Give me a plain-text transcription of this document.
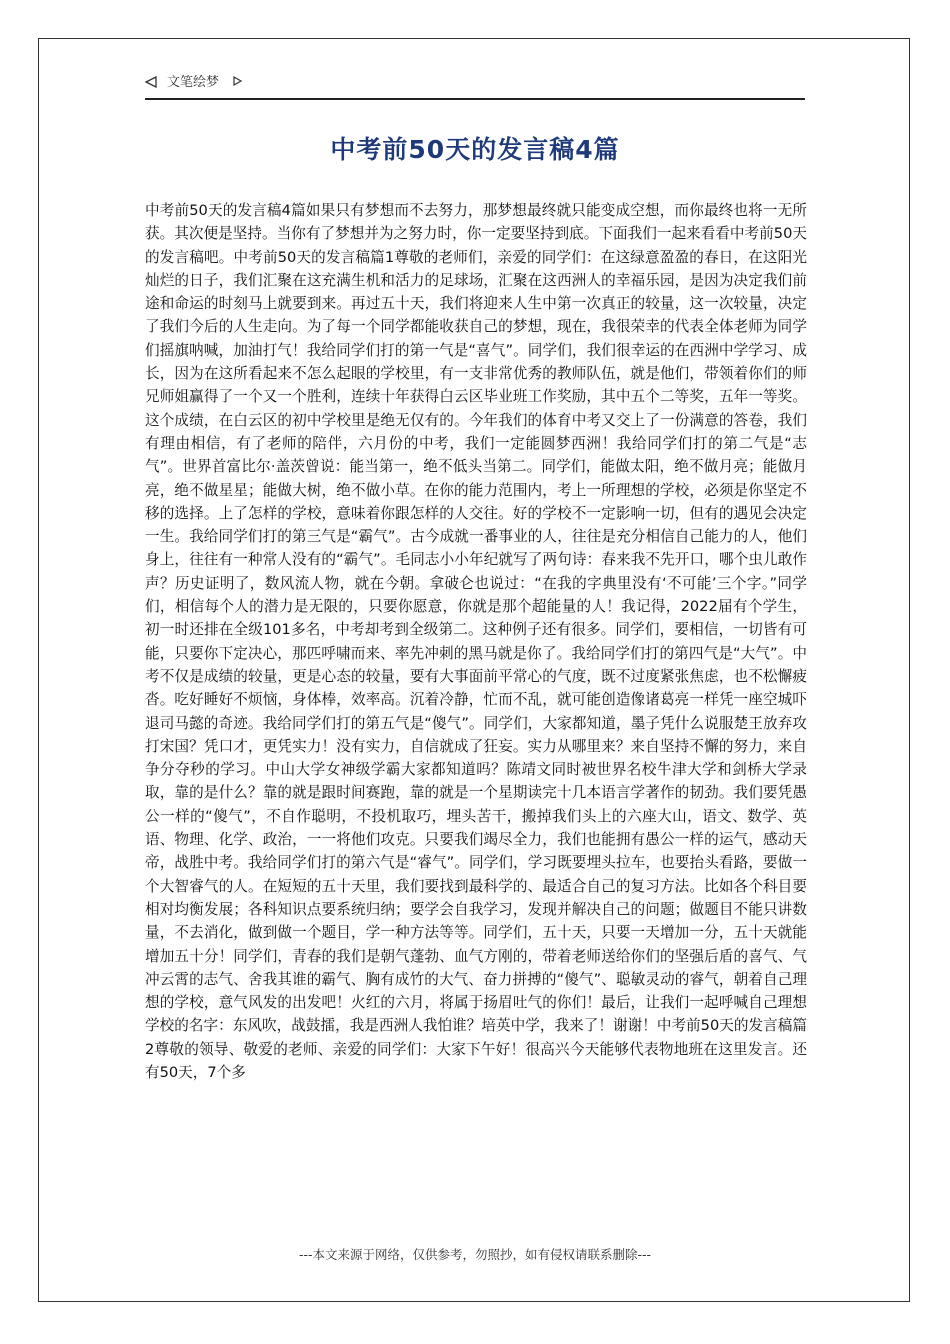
文笔绘梦
中考前50天的发言稿4篇

中考前50天的发言稿4篇如果只有梦想而不去努力，那梦想最终就只能变成空想，而你最终也将一无所获。其次便是坚持。当你有了梦想并为之努力时，你一定要坚持到底。下面我们一起来看看中考前50天的发言稿吧。中考前50天的发言稿篇1尊敬的老师们，亲爱的同学们：在这绿意盈盈的春日，在这阳光灿烂的日子，我们汇聚在这充满生机和活力的足球场，汇聚在这西洲人的幸福乐园，是因为决定我们前途和命运的时刻马上就要到来。再过五十天，我们将迎来人生中第一次真正的较量，这一次较量，决定了我们今后的人生走向。为了每一个同学都能收获自己的梦想，现在，我很荣幸的代表全体老师为同学们摇旗呐喊，加油打气！我给同学们打的第一气是“喜气”。同学们，我们很幸运的在西洲中学学习、成长，因为在这所看起来不怎么起眼的学校里，有一支非常优秀的教师队伍，就是他们，带领着你们的师兄师姐赢得了一个又一个胜利，连续十年获得白云区毕业班工作奖励，其中五个二等奖，五年一等奖。这个成绩，在白云区的初中学校里是绝无仅有的。今年我们的体育中考又交上了一份满意的答卷，我们有理由相信，有了老师的陪伴，六月份的中考，我们一定能圆梦西洲！我给同学们打的第二气是“志气”。世界首富比尔·盖茨曾说：能当第一，绝不低头当第二。同学们，能做太阳，绝不做月亮；能做月亮，绝不做星星；能做大树，绝不做小草。在你的能力范围内，考上一所理想的学校，必须是你坚定不移的选择。上了怎样的学校，意味着你跟怎样的人交往。好的学校不一定影响一切，但有的遇见会决定一生。我给同学们打的第三气是“霸气”。古今成就一番事业的人，往往是充分相信自己能力的人，他们身上，往往有一种常人没有的“霸气”。毛同志小小年纪就写了两句诗：春来我不先开口，哪个虫儿敢作声？历史证明了，数风流人物，就在今朝。拿破仑也说过：“在我的字典里没有‘不可能’三个字。”同学们，相信每个人的潜力是无限的，只要你愿意，你就是那个超能量的人！我记得，2022届有个学生，初一时还排在全级101多名，中考却考到全级第二。这种例子还有很多。同学们，要相信，一切皆有可能，只要你下定决心，那匹呼啸而来、率先冲刺的黑马就是你了。我给同学们打的第四气是“大气”。中考不仅是成绩的较量，更是心态的较量，要有大事面前平常心的气度，既不过度紧张焦虑，也不松懈疲沓。吃好睡好不烦恼，身体棒，效率高。沉着冷静，忙而不乱，就可能创造像诸葛亮一样凭一座空城吓退司马懿的奇迹。我给同学们打的第五气是“傻气”。同学们，大家都知道，墨子凭什么说服楚王放弃攻打宋国？凭口才，更凭实力！没有实力，自信就成了狂妄。实力从哪里来？来自坚持不懈的努力，来自争分夺秒的学习。中山大学女神级学霸大家都知道吗？陈靖文同时被世界名校牛津大学和剑桥大学录取，靠的是什么？靠的就是跟时间赛跑，靠的就是一个星期读完十几本语言学著作的韧劲。我们要凭愚公一样的“傻气”，不自作聪明，不投机取巧，埋头苦干，搬掉我们头上的六座大山，语文、数学、英语、物理、化学、政治，一一将他们攻克。只要我们竭尽全力，我们也能拥有愚公一样的运气，感动天帝，战胜中考。我给同学们打的第六气是“睿气”。同学们，学习既要埋头拉车，也要抬头看路，要做一个大智睿气的人。在短短的五十天里，我们要找到最科学的、最适合自己的复习方法。比如各个科目要相对均衡发展；各科知识点要系统归纳；要学会自我学习，发现并解决自己的问题；做题目不能只讲数量，不去消化，做到做一个题目，学一种方法等等。同学们，五十天，只要一天增加一分，五十天就能增加五十分！同学们，青春的我们是朝气蓬勃、血气方刚的，带着老师送给你们的坚强后盾的喜气、气冲云霄的志气、舍我其谁的霸气、胸有成竹的大气、奋力拼搏的“傻气”、聪敏灵动的睿气，朝着自己理想的学校，意气风发的出发吧！火红的六月，将属于扬眉吐气的你们！最后，让我们一起呼喊自己理想学校的名字：东风吹，战鼓擂，我是西洲人我怕谁？培英中学，我来了！谢谢！中考前50天的发言稿篇2尊敬的领导、敬爱的老师、亲爱的同学们：大家下午好！很高兴今天能够代表物地班在这里发言。还有50天，7个多

---本文来源于网络，仅供参考，勿照抄，如有侵权请联系删除---
